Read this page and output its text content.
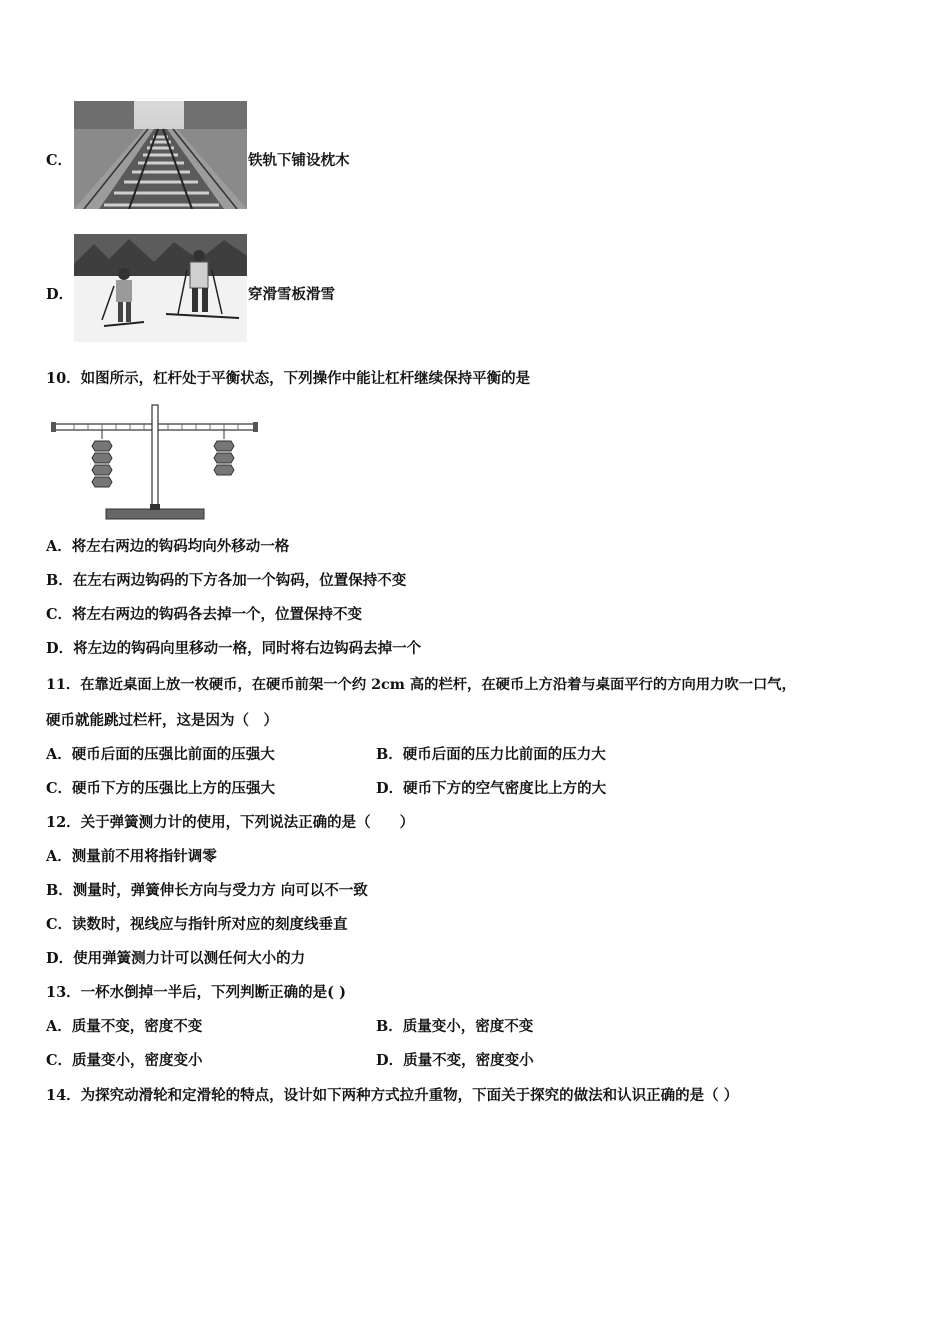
C．	铁轨下铺设枕木
D．	穿滑雪板滑雪
10．如图所示，杠杆处于平衡状态，下列操作中能让杠杆继续保持平衡的是
A．将左右两边的钩码均向外移动一格
B．在左右两边钩码的下方各加一个钩码，位置保持不变
C．将左右两边的钩码各去掉一个，位置保持不变
D．将左边的钩码向里移动一格，同时将右边钩码去掉一个
11．在靠近桌面上放一枚硬币，在硬币前架一个约 2cm 高的栏杆，在硬币上方沿着与桌面平行的方向用力吹一口气，
硬币就能跳过栏杆，这是因为（　）
A．硬币后面的压强比前面的压强大	B．硬币后面的压力比前面的压力大
C．硬币下方的压强比上方的压强大	D．硬币下方的空气密度比上方的大
12．关于弹簧测力计的使用，下列说法正确的是（　　）
A．测量前不用将指针调零
B．测量时，弹簧伸长方向与受力方 向可以不一致
C．读数时，视线应与指针所对应的刻度线垂直
D．使用弹簧测力计可以测任何大小的力
13．一杯水倒掉一半后，下列判断正确的是( )
A．质量不变，密度不变	B．质量变小，密度不变
C．质量变小，密度变小	D．质量不变，密度变小
14．为探究动滑轮和定滑轮的特点，设计如下两种方式拉升重物，下面关于探究的做法和认识正确的是（ ）
